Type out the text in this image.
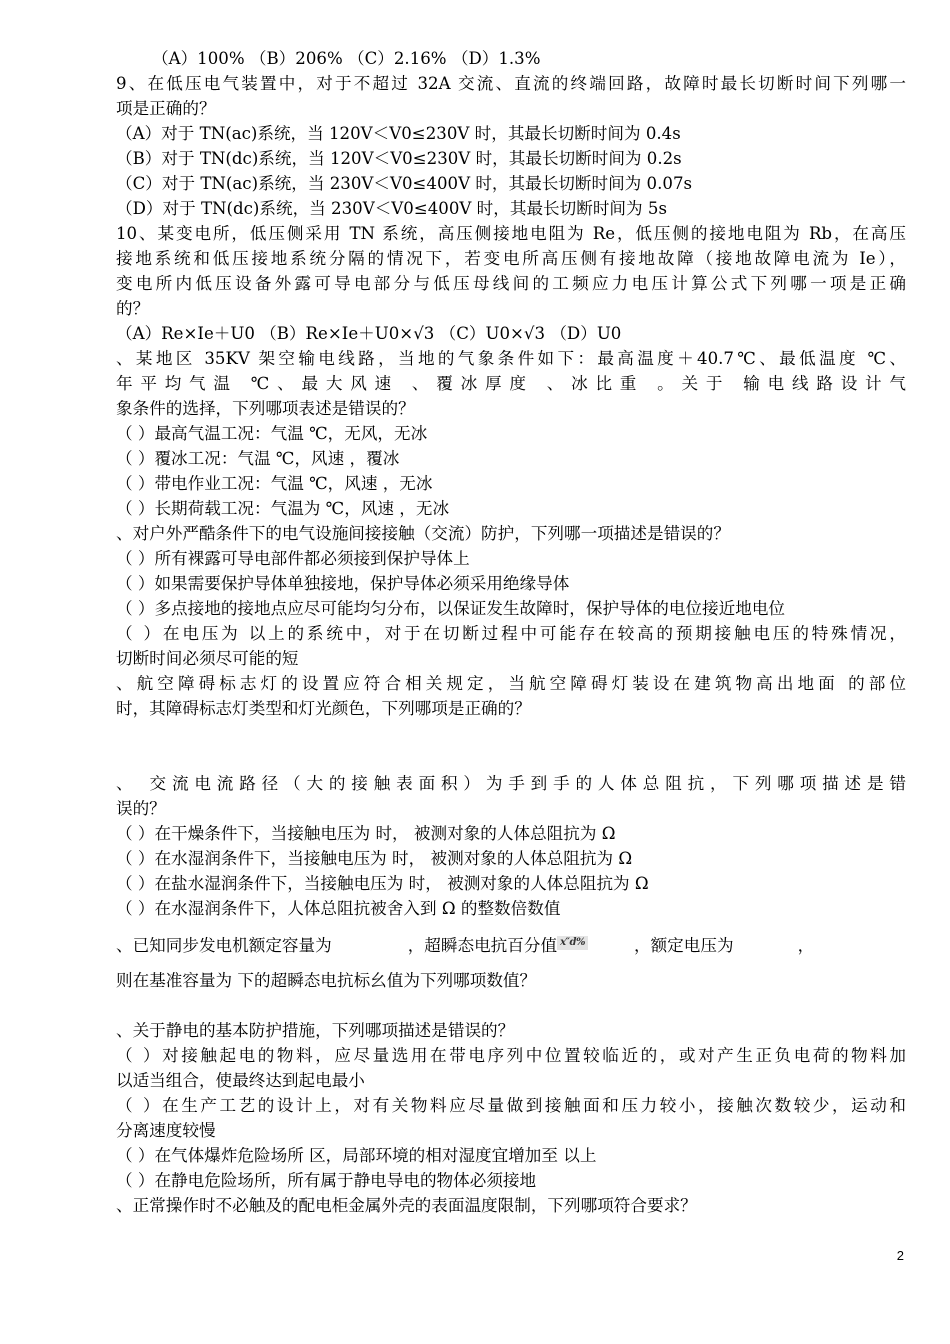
（A）100% （B）206% （C）2.16% （D）1.3%
9、在低压电气装置中，对于不超过 32A 交流、直流的终端回路，故障时最长切断时间下列哪一
项是正确的？
（A）对于 TN(ac)系统，当 120V＜V0≤230V 时，其最长切断时间为 0.4s
（B）对于 TN(dc)系统，当 120V＜V0≤230V 时，其最长切断时间为 0.2s
（C）对于 TN(ac)系统，当 230V＜V0≤400V 时，其最长切断时间为 0.07s
（D）对于 TN(dc)系统，当 230V＜V0≤400V 时，其最长切断时间为 5s
10、某变电所，低压侧采用 TN 系统，高压侧接地电阻为 Re，低压侧的接地电阻为 Rb，在高压
接地系统和低压接地系统分隔的情况下，若变电所高压侧有接地故障（接地故障电流为 Ie），
变电所内低压设备外露可导电部分与低压母线间的工频应力电压计算公式下列哪一项是正确
的？
（A）Re×Ie＋U0 （B）Re×Ie＋U0×√3 （C）U0×√3 （D）U0
、某地区 35KV 架空输电线路，当地的气象条件如下：最高温度＋40.7℃、最低温度 ℃、
年平均气温 ℃、最大风速 、覆冰厚度 、冰比重 。关于 输电线路设计气
象条件的选择，下列哪项表述是错误的？
（ ）最高气温工况：气温 ℃，无风，无冰
（ ）覆冰工况：气温 ℃，风速 ，覆冰
（ ）带电作业工况：气温 ℃，风速 ，无冰
（ ）长期荷载工况：气温为 ℃，风速 ，无冰
、对户外严酷条件下的电气设施间接接触（交流）防护，下列哪一项描述是错误的？
（ ）所有裸露可导电部件都必须接到保护导体上
（ ）如果需要保护导体单独接地，保护导体必须采用绝缘导体
（ ）多点接地的接地点应尽可能均匀分布，以保证发生故障时，保护导体的电位接近地电位
（ ）在电压为 以上的系统中，对于在切断过程中可能存在较高的预期接触电压的特殊情况，
切断时间必须尽可能的短
、航空障碍标志灯的设置应符合相关规定，当航空障碍灯装设在建筑物高出地面 的部位
时，其障碍标志灯类型和灯光颜色，下列哪项是正确的？
、 交流电流路径（大的接触表面积）为手到手的人体总阻抗，下列哪项描述是错
误的？
（ ）在干燥条件下，当接触电压为 时， 被测对象的人体总阻抗为 Ω
（ ）在水湿润条件下，当接触电压为 时， 被测对象的人体总阻抗为 Ω
（ ）在盐水湿润条件下，当接触电压为 时， 被测对象的人体总阻抗为 Ω
（ ）在水湿润条件下，人体总阻抗被舍入到 Ω 的整数倍数值
则在基准容量为 下的超瞬态电抗标幺值为下列哪项数值？
、关于静电的基本防护措施，下列哪项描述是错误的？
（ ）对接触起电的物料，应尽量选用在带电序列中位置较临近的，或对产生正负电荷的物料加
以适当组合，使最终达到起电最小
（ ）在生产工艺的设计上，对有关物料应尽量做到接触面和压力较小，接触次数较少，运动和
分离速度较慢
（ ）在气体爆炸危险场所 区，局部环境的相对湿度宜增加至 以上
（ ）在静电危险场所，所有属于静电导电的物体必须接地
、正常操作时不必触及的配电柜金属外壳的表面温度限制，下列哪项符合要求？
、已知同步发电机额定容量为	，超瞬态电抗百分值 x″d%	，额定电压为	，
2
